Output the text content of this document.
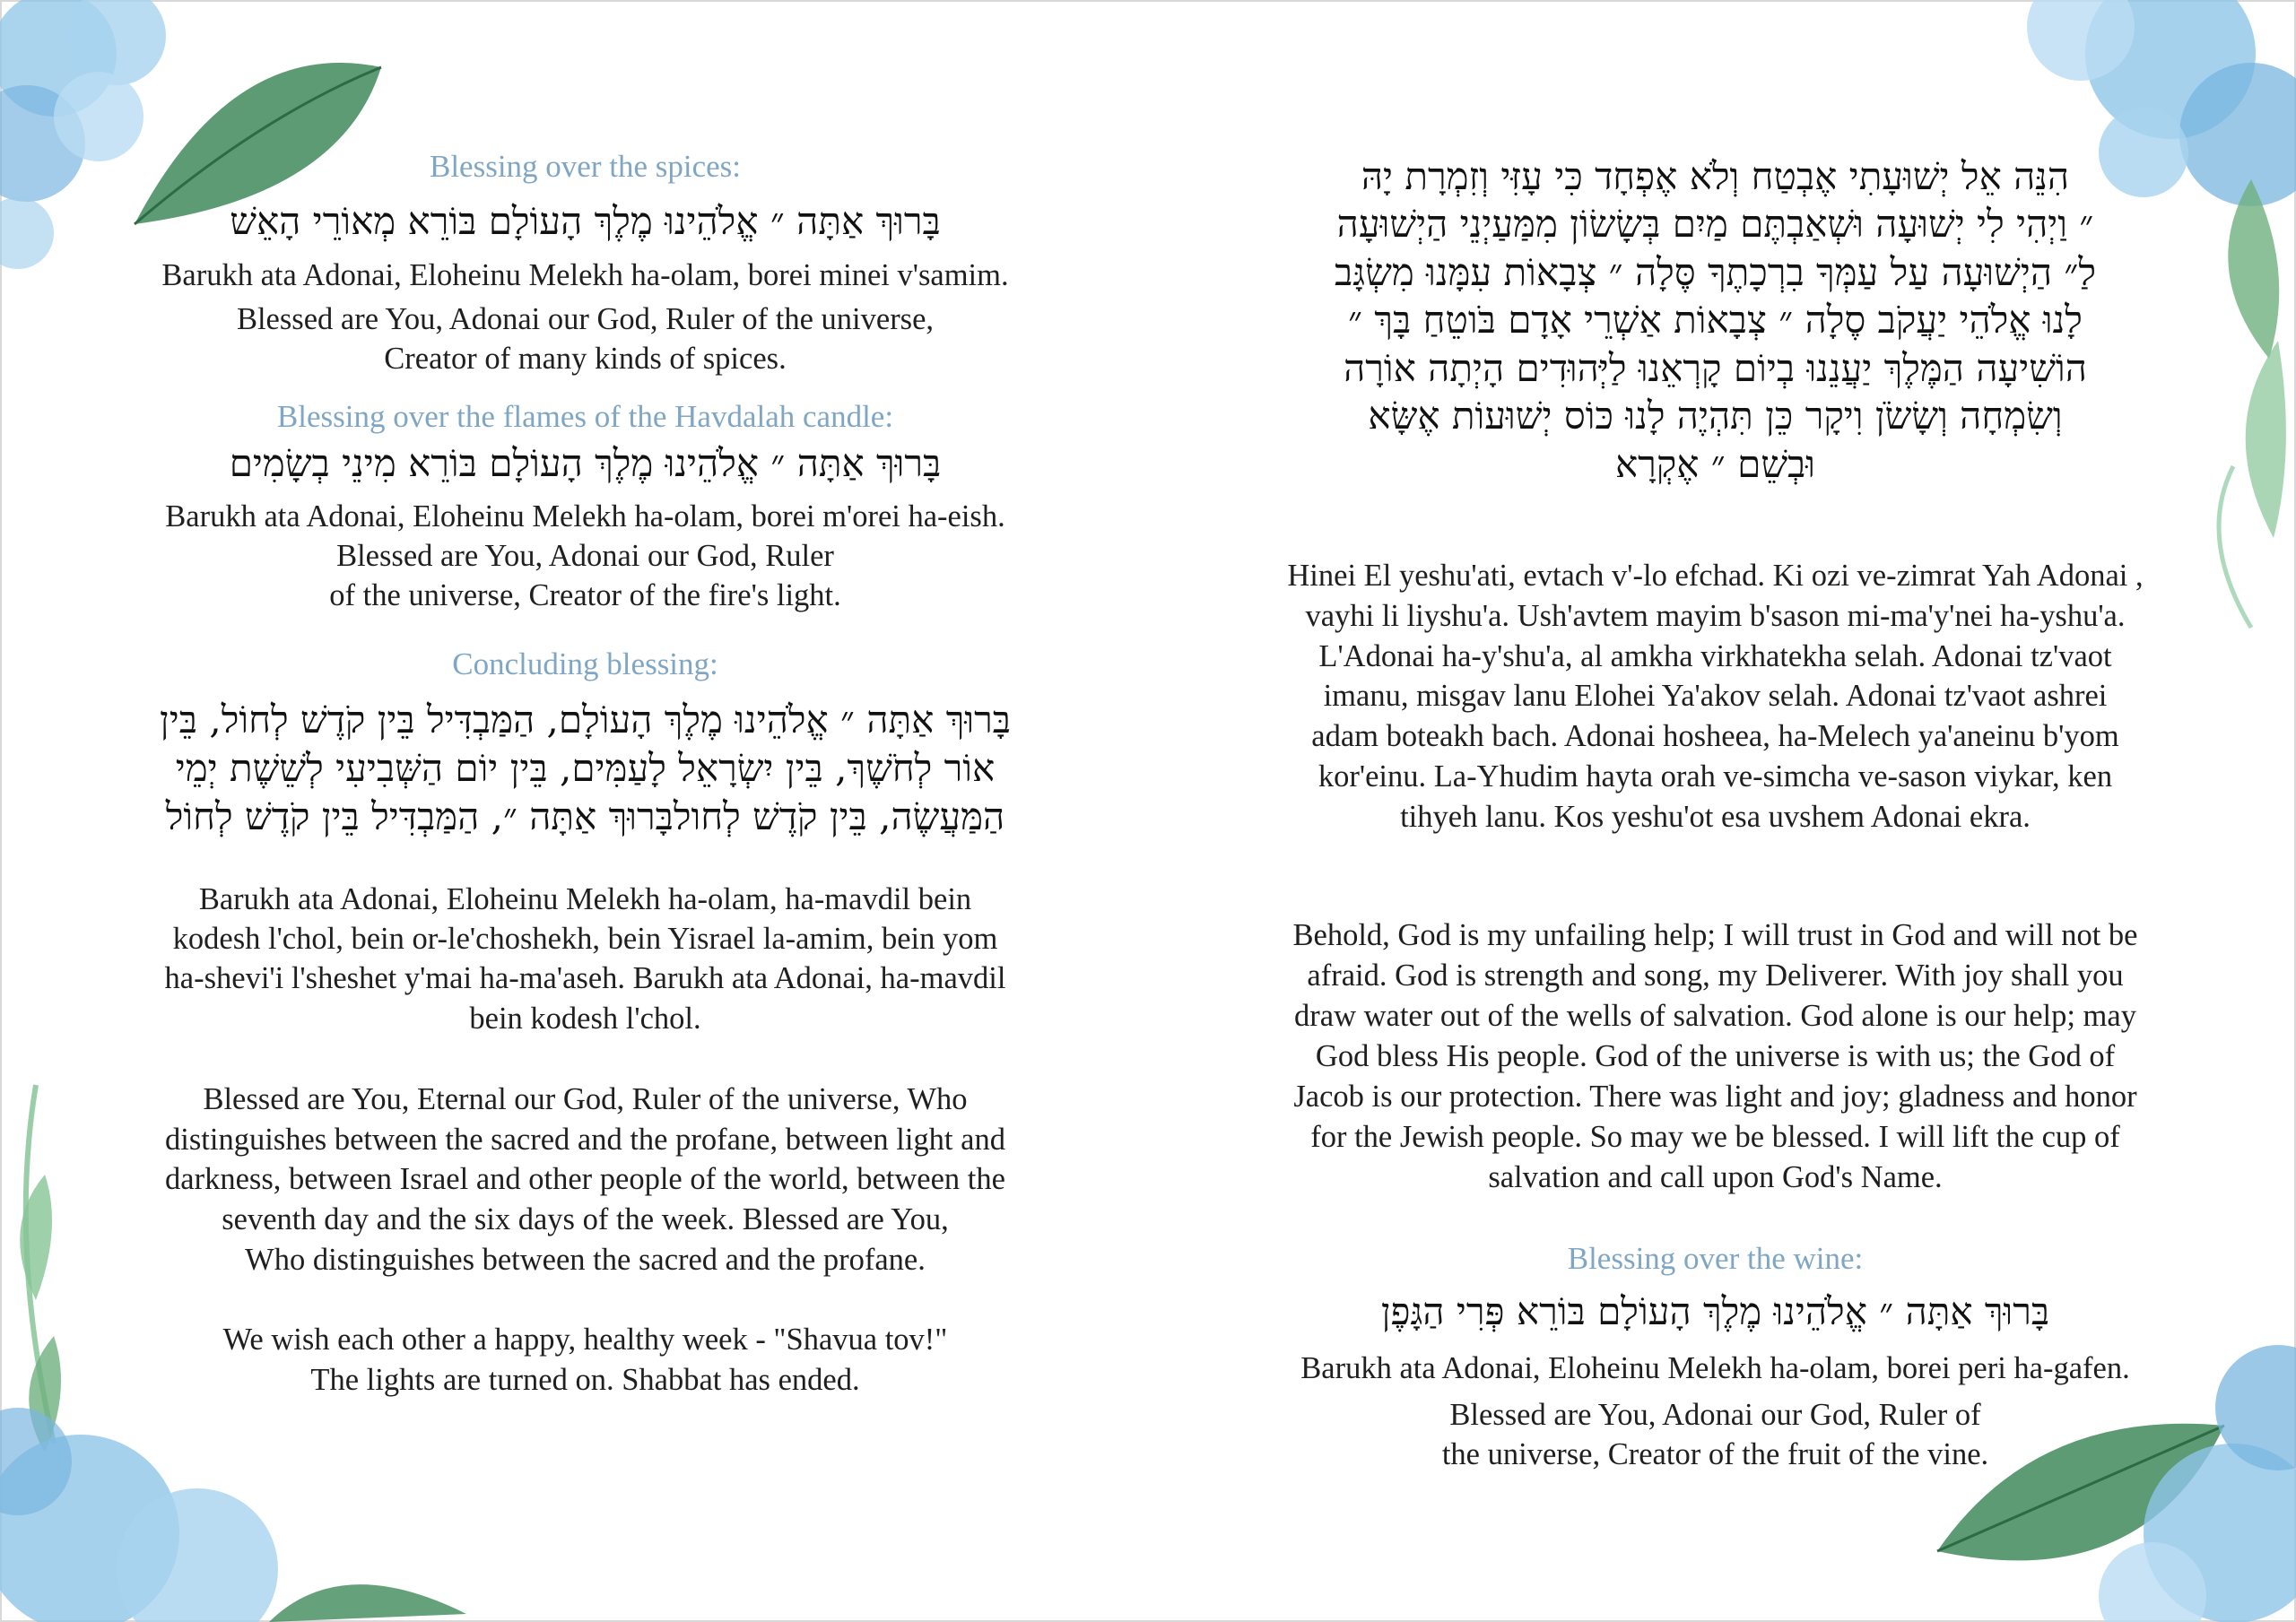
Blessing over the spices:
בָּרוּךְ אַתָּה ״ אֱלֹהֵינוּ מֶלֶךְ הָעוֹלָם בּוֹרֵא מְאוֹרֵי הָאֵשׁ
Barukh ata Adonai, Eloheinu Melekh ha-olam, borei minei v'samim.
Blessed are You, Adonai our God, Ruler of the universe,
Creator of many kinds of spices.
Blessing over the flames of the Havdalah candle:
בָּרוּךְ אַתָּה ״ אֱלֹהֵינוּ מֶלֶךְ הָעוֹלָם בּוֹרֵא מִינֵי בְשָׂמִים
Barukh ata Adonai, Eloheinu Melekh ha-olam, borei m'orei ha-eish.
Blessed are You, Adonai our God, Ruler
of the universe, Creator of the fire's light.
Concluding blessing:
בָּרוּךְ אַתָּה ״ אֱלֹהֵינוּ מֶלֶךְ הָעוֹלָם, הַמַּבְדִּיל בֵּין קֹדֶשׁ לְחוֹל, בֵּין
אוֹר לְחֹשֶׁךְ, בֵּין יִשְׂרָאֵל לָעַמִּים, בֵּין יוֹם הַשְּׁבִיעִי לְשֵׁשֶׁת יְמֵי
הַמַּעֲשֶׂה, בֵּין קֹדֶשׁ לְחולבָּרוּךְ אַתָּה ״, הַמַּבְדִּיל בֵּין קֹדֶשׁ לְחוֹל
Barukh ata Adonai, Eloheinu Melekh ha-olam, ha-mavdil bein
kodesh l'chol, bein or-le'choshekh, bein Yisrael la-amim, bein yom
ha-shevi'i l'sheshet y'mai ha-ma'aseh. Barukh ata Adonai, ha-mavdil
bein kodesh l'chol.
Blessed are You, Eternal our God, Ruler of the universe, Who
distinguishes between the sacred and the profane, between light and
darkness, between Israel and other people of the world, between the
seventh day and the six days of the week. Blessed are You,
Who distinguishes between the sacred and the profane.
We wish each other a happy, healthy week - "Shavua tov!"
The lights are turned on. Shabbat has ended.
הִנֵּה אֵל יְשׁוּעָתִי אֶבְטַח וְלֹא אֶפְחָד כִּי עָזִּי וְזִמְרָת יָהּ
״ וַיְהִי לִי יְשׁוּעָה וּשְׁאַבְתֶּם מַיִם בְּשָׂשׂוֹן מִמַּעַיְנֵי הַיְשׁוּעָה
לַ״ הַיְשׁוּעָה עַל עַמְּךָ בִרְכָתֶךָ סֶּלָה ״ צְבָאוֹת עִמָּנוּ מִשְׂגָּב
לָנוּ אֱלֹהֵי יַעֲקֹב סֶלָה ״ צְבָאוֹת אַשְׁרֵי אָדָם בֹּוטֵחַ בָּךְ ״
הוֹשִׁיעָה הַמֶּלֶךְ יַעֲנֵנוּ בְיוֹם קָרְאֵנוּ לַיְּהוּדִים הָיְתָה אוֹרָה
וְשִׂמְחָה וְשָׂשֹׂן וִיקָר כֵּן תִּהְיֶה לָנוּ כּוֹס יְשׁוּעוֹת אֶשָּׂא
וּבְשֵׁם ״ אֶקְרָא
Hinei El yeshu'ati, evtach v'-lo efchad. Ki ozi ve-zimrat Yah Adonai ,
vayhi li liyshu'a. Ush'avtem mayim b'sason mi-ma'y'nei ha-yshu'a.
L'Adonai ha-y'shu'a, al amkha virkhatekha selah. Adonai tz'vaot
imanu, misgav lanu Elohei Ya'akov selah. Adonai tz'vaot ashrei
adam boteakh bach. Adonai hosheea, ha-Melech ya'aneinu b'yom
kor'einu. La-Yhudim hayta orah ve-simcha ve-sason viykar, ken
tihyeh lanu. Kos yeshu'ot esa uvshem Adonai ekra.
Behold, God is my unfailing help; I will trust in God and will not be
afraid. God is strength and song, my Deliverer. With joy shall you
draw water out of the wells of salvation. God alone is our help; may
God bless His people. God of the universe is with us; the God of
Jacob is our protection. There was light and joy; gladness and honor
for the Jewish people. So may we be blessed. I will lift the cup of
salvation and call upon God's Name.
Blessing over the wine:
בָּרוּךְ אַתָּה ״ אֱלֹהֵינוּ מֶלֶךְ הָעוֹלָם בּוֹרֵא פְּרִי הַגָּפֶן
Barukh ata Adonai, Eloheinu Melekh ha-olam, borei peri ha-gafen.
Blessed are You, Adonai our God, Ruler of
the universe, Creator of the fruit of the vine.
